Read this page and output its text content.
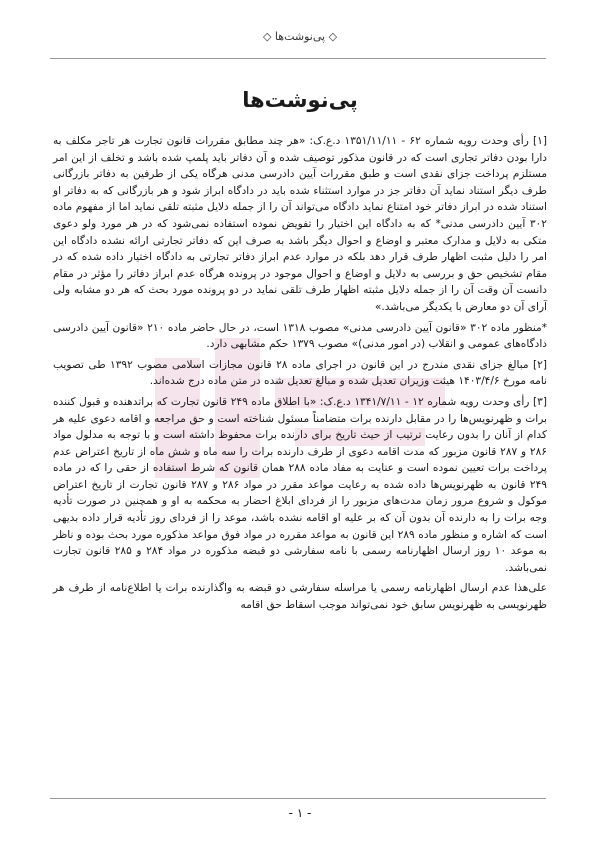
◇ پی‌نوشت‌ها ◇
پی‌نوشت‌ها

[۱] رأی وحدت رویه شماره ۶۲ - ۱۳۵۱/۱۱/۱۱ د.ع.ک: «هر چند مطابق مقررات قانون تجارت هر تاجر مکلف به دارا بودن دفاتر تجاری است که در قانون مذکور توصیف شده و آن دفاتر باید پلمپ شده باشد و تخلف از این امر مستلزم پرداخت جزای نقدی است و طبق مقررات آیین دادرسی مدنی هرگاه یکی از طرفین به دفاتر بازرگانی طرف دیگر استناد نماید آن دفاتر جز در موارد استثناء شده باید در دادگاه ابراز شود و هر بازرگانی که به دفاتر او استناد شده در ابراز دفاتر خود امتناع نماید دادگاه می‌تواند آن را از جمله دلایل مثبته تلقی نماید اما از مفهوم ماده ۳۰۲ آیین دادرسی مدنی* که به دادگاه این اختیار را تفویض نموده استفاده نمی‌شود که در هر مورد ولو دعوی متکی به دلایل و مدارک معتبر و اوضاع و احوال دیگر باشد به صرف این که دفاتر تجارتی ارائه نشده دادگاه این امر را دلیل مثبت اظهار طرف قرار دهد بلکه در موارد عدم ابراز دفاتر تجارتی به دادگاه اختیار داده شده که در مقام تشخیص حق و بررسی به دلایل و اوضاع و احوال موجود در پرونده هرگاه عدم ابراز دفاتر را مؤثر در مقام دانست آن وقت آن را از جمله دلایل مثبته اظهار طرف تلقی نماید در دو پرونده مورد بحث که هر دو مشابه ولی آرای آن دو معارض با یکدیگر می‌باشد.»

*منظور ماده ۳۰۲ «قانون آیین دادرسی مدنی» مصوب ۱۳۱۸ است، در حال حاضر ماده ۲۱۰ «قانون آیین دادرسی دادگاه‌های عمومی و انقلاب (در امور مدنی)» مصوب ۱۳۷۹ حکم مشابهی دارد.

[۲] مبالغ جزای نقدی مندرج در این قانون در اجرای ماده ۲۸ قانون مجازات اسلامی مصوب ۱۳۹۲ طی تصویب نامه مورخ ۱۴۰۳/۴/۶ هیئت وزیران تعدیل شده و مبالغ تعدیل شده در متن ماده درج شده‌اند.

[۳] رأی وحدت رویه شماره ۱۲ - ۱۳۴۱/۷/۱۱ د.ع.ک: «با اطلاق ماده ۲۴۹ قانون تجارت که براتدهنده و قبول کننده برات و ظهرنویس‌ها را در مقابل دارنده برات متضامناً مسئول شناخته است و حق مراجعه و اقامه دعوی علیه هر کدام از آنان را بدون رعایت ترتیب از حیث تاریخ برای دارنده برات محفوظ داشته است و با توجه به مدلول مواد ۲۸۶ و ۲۸۷ قانون مزبور که مدت اقامه دعوی از طرف دارنده برات را سه ماه و شش ماه از تاریخ اعتراض عدم پرداخت برات تعیین نموده است و عنایت به مفاد ماده ۲۸۸ همان قانون که شرط استفاده از حقی را که در ماده ۲۴۹ قانون به ظهرنویس‌ها داده شده به رعایت مواعد مقرر در مواد ۲۸۶ و ۲۸۷ قانون تجارت از تاریخ اعتراض موکول و شروع مرور زمان مدت‌های مزبور را از فردای ابلاغ احضار به محکمه به او و همچنین در صورت تأدیه وجه برات را به دارنده آن بدون آن که بر علیه او اقامه نشده باشد، موعد را از فردای روز تأدیه قرار داده بدیهی است که اشاره و منظور ماده ۲۸۹ این قانون به مواعد مقرره در مواد فوق مواعد مذکوره مورد بحث بوده و ناظر به موعد ۱۰ روز ارسال اظهارنامه رسمی با نامه سفارشی دو قبضه مذکوره در مواد ۲۸۴ و ۲۸۵ قانون تجارت نمی‌باشد.

علی‌هذا عدم ارسال اظهارنامه رسمی یا مراسله سفارشی دو قبضه به واگذارنده برات یا اطلاع‌نامه از طرف هر ظهرنویسی به ظهرنویس سابق خود نمی‌تواند موجب اسقاط حق اقامه

- ۱ -
